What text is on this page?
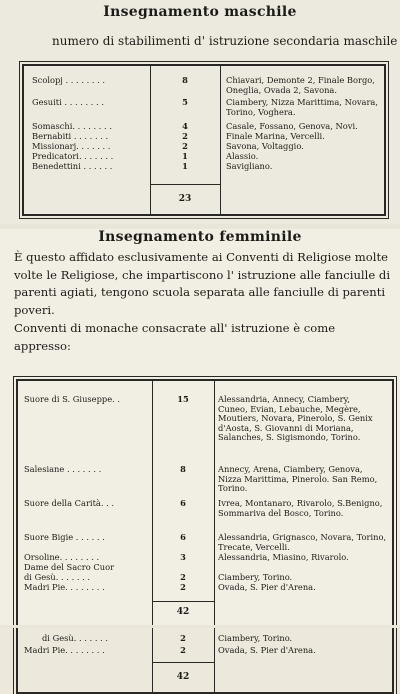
Insegnamento maschile
numero di stabilimenti d' istruzione secondaria maschile
Scolopj . . . . . . . .	8	Chiavari, Demonte 2, Finale Borgo, Oneglia, Ovada 2, Savona.
Gesuiti . . . . . . . .	5	Ciambery, Nizza Marittima, Novara, Torino, Voghera.
Somaschi. . . . . . . .	4	Casale, Fossano, Genova, Novi.
Bernabiti . . . . . . .	2	Finale Marina, Vercelli.
Missionarj. . . . . . .	2	Savona, Voltaggio.
Predicatori. . . . . . .	1	Alassio.
Benedettini . . . . . .	1	Savigliano.
23
Insegnamento femminile
È questo affidato esclusivamente ai Conventi di Religiose molte volte le Religiose, che impartiscono l' istruzione alle fanciulle di parenti agiati, tengono scuola separata alle fanciulle di parenti poveri.
Conventi di monache consacrate all' istruzione è come appresso:
Suore di S. Giuseppe. .	15	Alessandria, Annecy, Ciambery,
Cuneo, Evian, Lebauche, Megère, Moutiers, Novara, Pinerolo, S. Genix d'Aosta, S. Giovanni di Moriana, Salanches, S. Sigismondo, Torino.
Salesiane . . . . . . .	8	Annecy, Arena, Ciambery, Genova, Nizza Marittima, Pinerolo. San Remo, Torino.
Suore della Carità. . .	6	Ivrea, Montanaro, Rivarolo, S.Benigno, Sommariva del Bosco, Torino.
Suore Bigie . . . . . .	6	Alessandria, Grignasco, Novara, Torino, Trecate, Vercelli.
Orsoline. . . . . . . .	3	Alessandria, Miasino, Rivarolo.
Dame del Sacro Cuor
di Gesù. . . . . . .	2	Ciambery, Torino.
Madri Pie. . . . . . . .	2	Ovada, S. Pier d'Arena.
42
di Gesù. . . . . . .	2	Ciambery, Torino.
Madri Pie. . . . . . . .	2	Ovada, S. Pier d'Arena.
42
